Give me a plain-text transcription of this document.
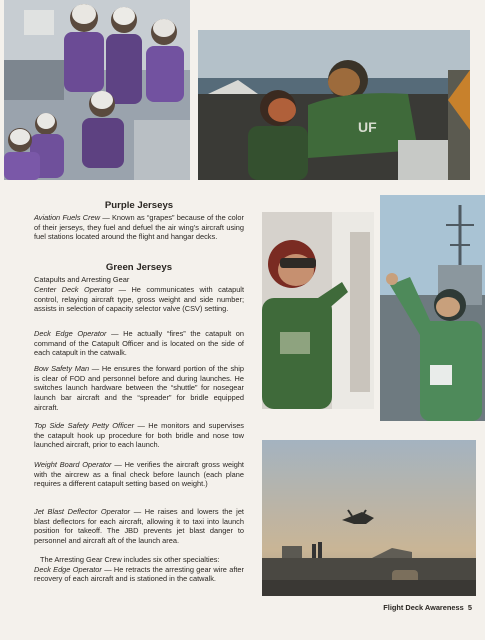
UF

Purple Jerseys

Aviation Fuels Crew — Known as “grapes” because of the color of their jerseys, they fuel and defuel the air wing’s aircraft using fuel stations located around the flight and hangar decks.

Green Jerseys

Catapults and Arresting Gear

Center Deck Operator — He communicates with catapult control, relaying aircraft type, gross weight and side number; assists in selection of capacity selector valve (CSV) setting.

Deck Edge Operator — He actually “fires” the catapult on command of the Catapult Officer and is located on the side of each catapult in the catwalk.

Bow Safety Man — He ensures the forward portion of the ship is clear of FOD and personnel before and during launches. He switches launch hardware between the “shuttle” for nosegear launch bar aircraft and the “spreader” for bridle equipped aircraft.

Top Side Safety Petty Officer — He monitors and supervises the catapult hook up procedure for both bridle and nose tow launched aircraft, prior to each launch.

Weight Board Operator — He verifies the aircraft gross weight with the aircrew as a final check before launch (each plane requires a different catapult setting based on weight.)

Jet Blast Deflector Operator — He raises and lowers the jet blast deflectors for each aircraft, allowing it to taxi into launch position for takeoff. The JBD prevents jet blast danger to personnel and aircraft aft of the launch area.

The Arresting Gear Crew includes six other specialties:
Deck Edge Operator — He retracts the arresting gear wire after recovery of each aircraft and is stationed in the catwalk.

Flight Deck Awareness 5
